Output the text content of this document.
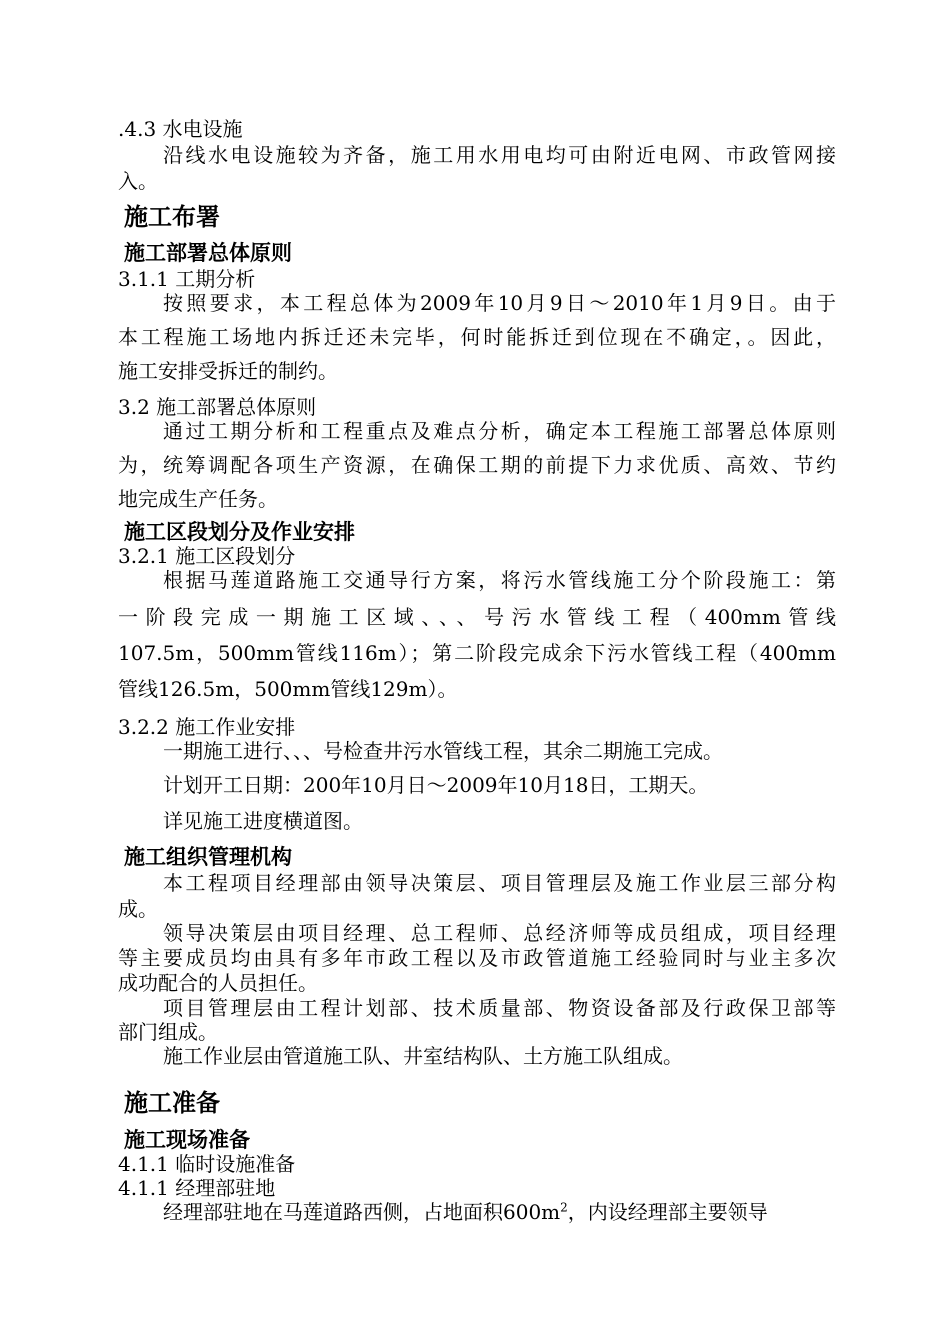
.4.3 水电设施
沿线水电设施较为齐备，施工用水用电均可由附近电网、市政管网接
入。
施工布署
施工部署总体原则
3.1.1 工期分析
按照要求，本工程总体为2009年10月9日～2010年1月9日。由于
本工程施工场地内拆迁还未完毕，何时能拆迁到位现在不确定，。因此，
施工安排受拆迁的制约。
3.2 施工部署总体原则
通过工期分析和工程重点及难点分析，确定本工程施工部署总体原则
为，统筹调配各项生产资源，在确保工期的前提下力求优质、高效、节约
地完成生产任务。
施工区段划分及作业安排
3.2.1 施工区段划分
根据马莲道路施工交通导行方案，将污水管线施工分个阶段施工：第
一阶段完成一期施工区域、、、号污水管线工程（400mm管线
107.5m，500mm管线116m）；第二阶段完成余下污水管线工程（400mm
管线126.5m，500mm管线129m）。
3.2.2 施工作业安排
一期施工进行、、、号检查井污水管线工程，其余二期施工完成。
计划开工日期：200年10月日～2009年10月18日，工期天。
详见施工进度横道图。
施工组织管理机构
本工程项目经理部由领导决策层、项目管理层及施工作业层三部分构
成。
领导决策层由项目经理、总工程师、总经济师等成员组成，项目经理
等主要成员均由具有多年市政工程以及市政管道施工经验同时与业主多次
成功配合的人员担任。
项目管理层由工程计划部、技术质量部、物资设备部及行政保卫部等
部门组成。
施工作业层由管道施工队、井室结构队、土方施工队组成。
施工准备
施工现场准备
4.1.1 临时设施准备
4.1.1 经理部驻地
经理部驻地在马莲道路西侧，占地面积$600m^2$，内设经理部主要领导
